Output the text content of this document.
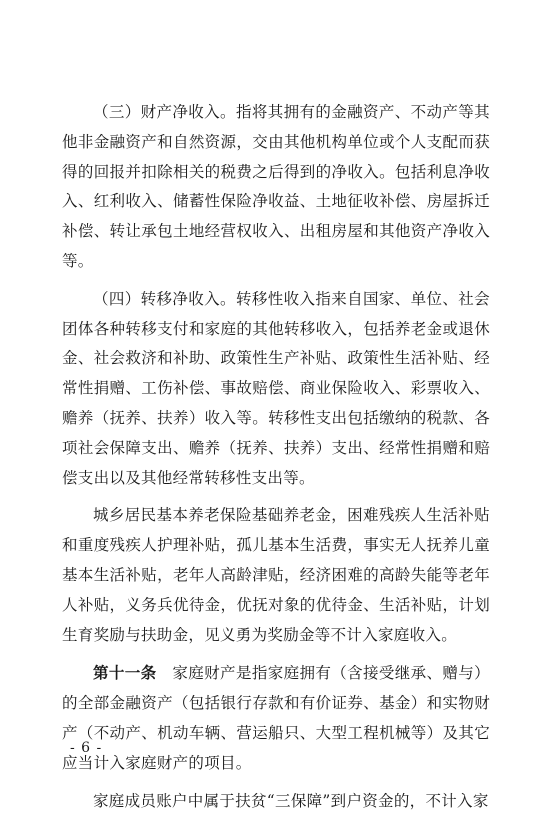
（三）财产净收入。指将其拥有的金融资产、不动产等其他非金融资产和自然资源，交由其他机构单位或个人支配而获得的回报并扣除相关的税费之后得到的净收入。包括利息净收入、红利收入、储蓄性保险净收益、土地征收补偿、房屋拆迁补偿、转让承包土地经营权收入、出租房屋和其他资产净收入等。

（四）转移净收入。转移性收入指来自国家、单位、社会团体各种转移支付和家庭的其他转移收入，包括养老金或退休金、社会救济和补助、政策性生产补贴、政策性生活补贴、经常性捐赠、工伤补偿、事故赔偿、商业保险收入、彩票收入、赡养（抚养、扶养）收入等。转移性支出包括缴纳的税款、各项社会保障支出、赡养（抚养、扶养）支出、经常性捐赠和赔偿支出以及其他经常转移性支出等。

城乡居民基本养老保险基础养老金，困难残疾人生活补贴和重度残疾人护理补贴，孤儿基本生活费，事实无人抚养儿童基本生活补贴，老年人高龄津贴，经济困难的高龄失能等老年人补贴，义务兵优待金，优抚对象的优待金、生活补贴，计划生育奖励与扶助金，见义勇为奖励金等不计入家庭收入。

第十一条　家庭财产是指家庭拥有（含接受继承、赠与）的全部金融资产（包括银行存款和有价证券、基金）和实物财产（不动产、机动车辆、营运船只、大型工程机械等）及其它应当计入家庭财产的项目。

家庭成员账户中属于扶贫“三保障”到户资金的，不计入家

- 6 -
